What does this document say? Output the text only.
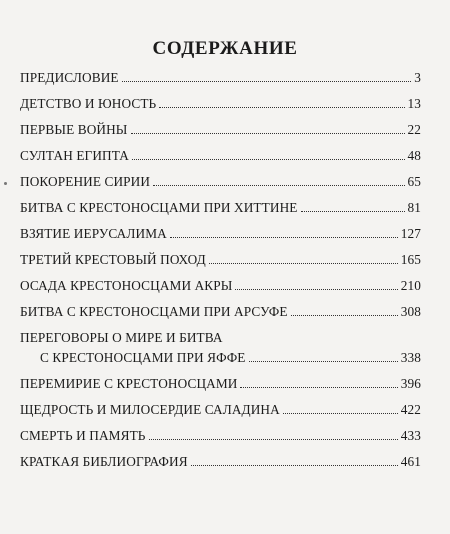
СОДЕРЖАНИЕ
ПРЕДИСЛОВИЕ	3
ДЕТСТВО И ЮНОСТЬ	13
ПЕРВЫЕ ВОЙНЫ	22
СУЛТАН ЕГИПТА	48
ПОКОРЕНИЕ СИРИИ	65
БИТВА С КРЕСТОНОСЦАМИ ПРИ ХИТТИНЕ	81
ВЗЯТИЕ ИЕРУСАЛИМА	127
ТРЕТИЙ КРЕСТОВЫЙ ПОХОД	165
ОСАДА КРЕСТОНОСЦАМИ АКРЫ	210
БИТВА С КРЕСТОНОСЦАМИ ПРИ АРСУФЕ	308
ПЕРЕГОВОРЫ О МИРЕ И БИТВА
С КРЕСТОНОСЦАМИ ПРИ ЯФФЕ	338
ПЕРЕМИРИЕ С КРЕСТОНОСЦАМИ	396
ЩЕДРОСТЬ И МИЛОСЕРДИЕ САЛАДИНА	422
СМЕРТЬ И ПАМЯТЬ	433
КРАТКАЯ БИБЛИОГРАФИЯ	461
